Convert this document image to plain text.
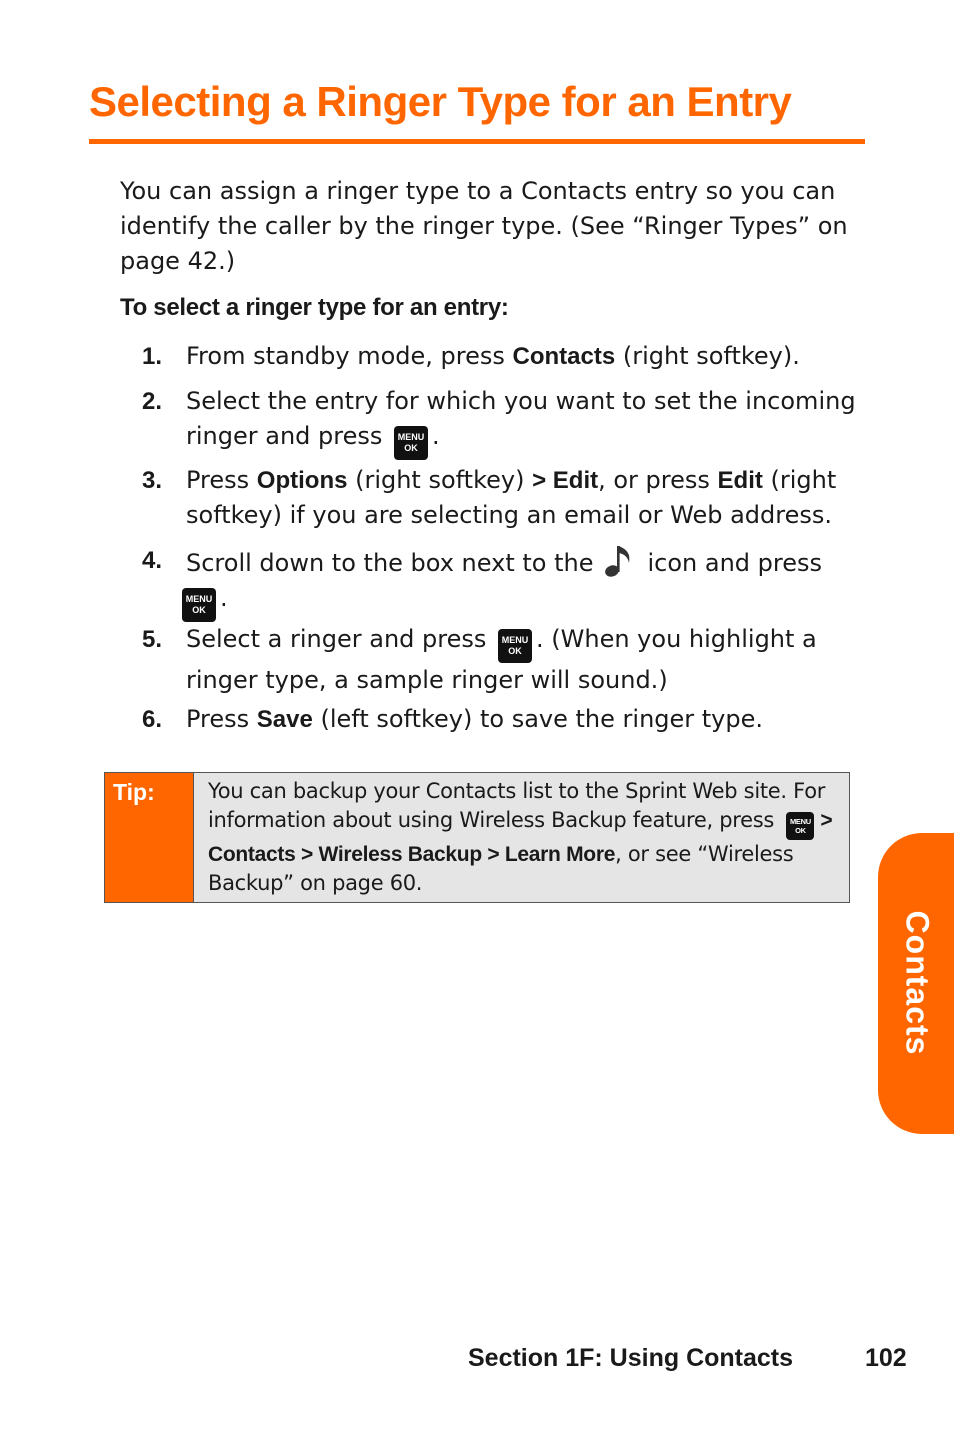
Selecting a Ringer Type for an Entry

You can assign a ringer type to a Contacts entry so you can identify the caller by the ringer type. (See “Ringer Types” on page 42.)

To select a ringer type for an entry:

1. From standby mode, press Contacts (right softkey).
2. Select the entry for which you want to set the incoming ringer and press MENU
OK .
3. Press Options (right softkey) > Edit, or press Edit (right softkey) if you are selecting an email or Web address.
4. Scroll down to the box next to the icon and press
MENU
OK .
5. Select a ringer and press MENU
OK . (When you highlight a ringer type, a sample ringer will sound.)
6. Press Save (left softkey) to save the ringer type.
Tip:	You can backup your Contacts list to the Sprint Web site. For information about using Wireless Backup feature, press MENU
OK > Contacts > Wireless Backup > Learn More, or see “Wireless Backup” on page 60.

Contacts

Section 1F: Using Contacts	102
